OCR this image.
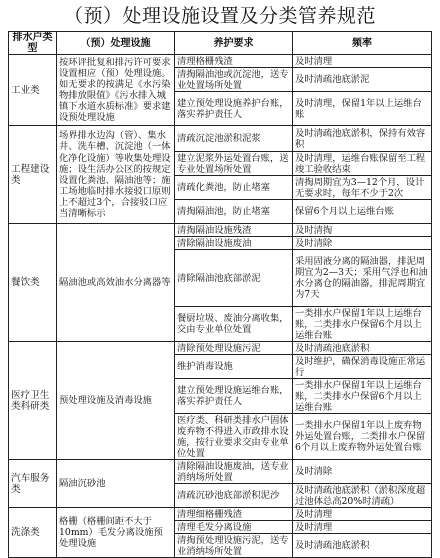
（预）处理设施设置及分类管养规范
排水户类型	（预）处理设施	养护要求	频率
工业类	按环评批复和排污许可要求设置相应（预）处理设施。如无要求的按满足《水污染物排放限值》《污水排入城镇下水道水质标准》要求建设预处理设施	清理格栅残渣	及时清理
		清掏隔油池或沉淀池，送专业处置场所处置	及时清疏池底淤泥
		建立预处理设施养护台账，落实养护责任人	及时清理，保留1年以上运维台账
工程建设类	场界排水边沟（管）、集水井、洗车槽、沉淀池（一体化净化设施）等收集处理设施；设生活办公区的按规定设置化粪池、隔油池等；施工场地临时排水接驳口原则上不超过3个，合接驳口应当清晰标示	清疏沉淀池淤积泥浆	及时清疏池底淤积，保持有效容积
		建立泥浆外运处置台账，送专业处置场所处置	及时清理，运维台账保留至工程竣工验收结束
		清疏化粪池，防止堵塞	清掏周期宜为3—12个月，设计无要求时，每年不少于2次
		清掏隔油池，防止堵塞	保留6个月以上运维台账
餐饮类	隔油池或高效油水分离器等	清掏隔油设施残渣	及时清掏
		清除隔油设施废油	及时清除
		清除隔油池底部淤泥	采用固液分离的隔油器，排泥周期宜为2—3天；采用气浮也和油水分离仓的隔油器，排泥周期宜为7天
		餐厨垃圾、废油分离收集，交由专业单位处置	一类排水户保留1年以上运维台账，二类排水户保留6个月以上运维台账
医疗卫生类科研类	预处理设施及消毒设施	清除预处理设施污泥	及时清疏池底淤积
		维护消毒设施	及时维护，确保消毒设施正常运行
		建立预处理设施运维台账，落实养护责任人	一类排水户保留1年以上运维台账，二类排水户保留6个月以上运维台账
		医疗类、科研类排水户固体废弃物不得进入市政排水设施，按行业要求交由专业单位处置	一类排水户保留1年以上废弃物外运处置台账，二类排水户保留6个月以上废弃物外运处置台账
汽车服务类	隔油沉砂池	清除隔油设施废油，送专业消纳场所处置	及时清除
		清疏沉砂池底部淤积泥沙	及时清疏池底淤积（淤积深度超过池体总高20%时清疏）
洗涤类	格栅（格栅间距不大于10mm）毛发分离设施预处理设施	清理细格栅残渣	及时清理
		清理毛发分离设施	及时清理
		清掏预处理设施污泥，送专业消纳场所处置	及时清疏池底淤积
